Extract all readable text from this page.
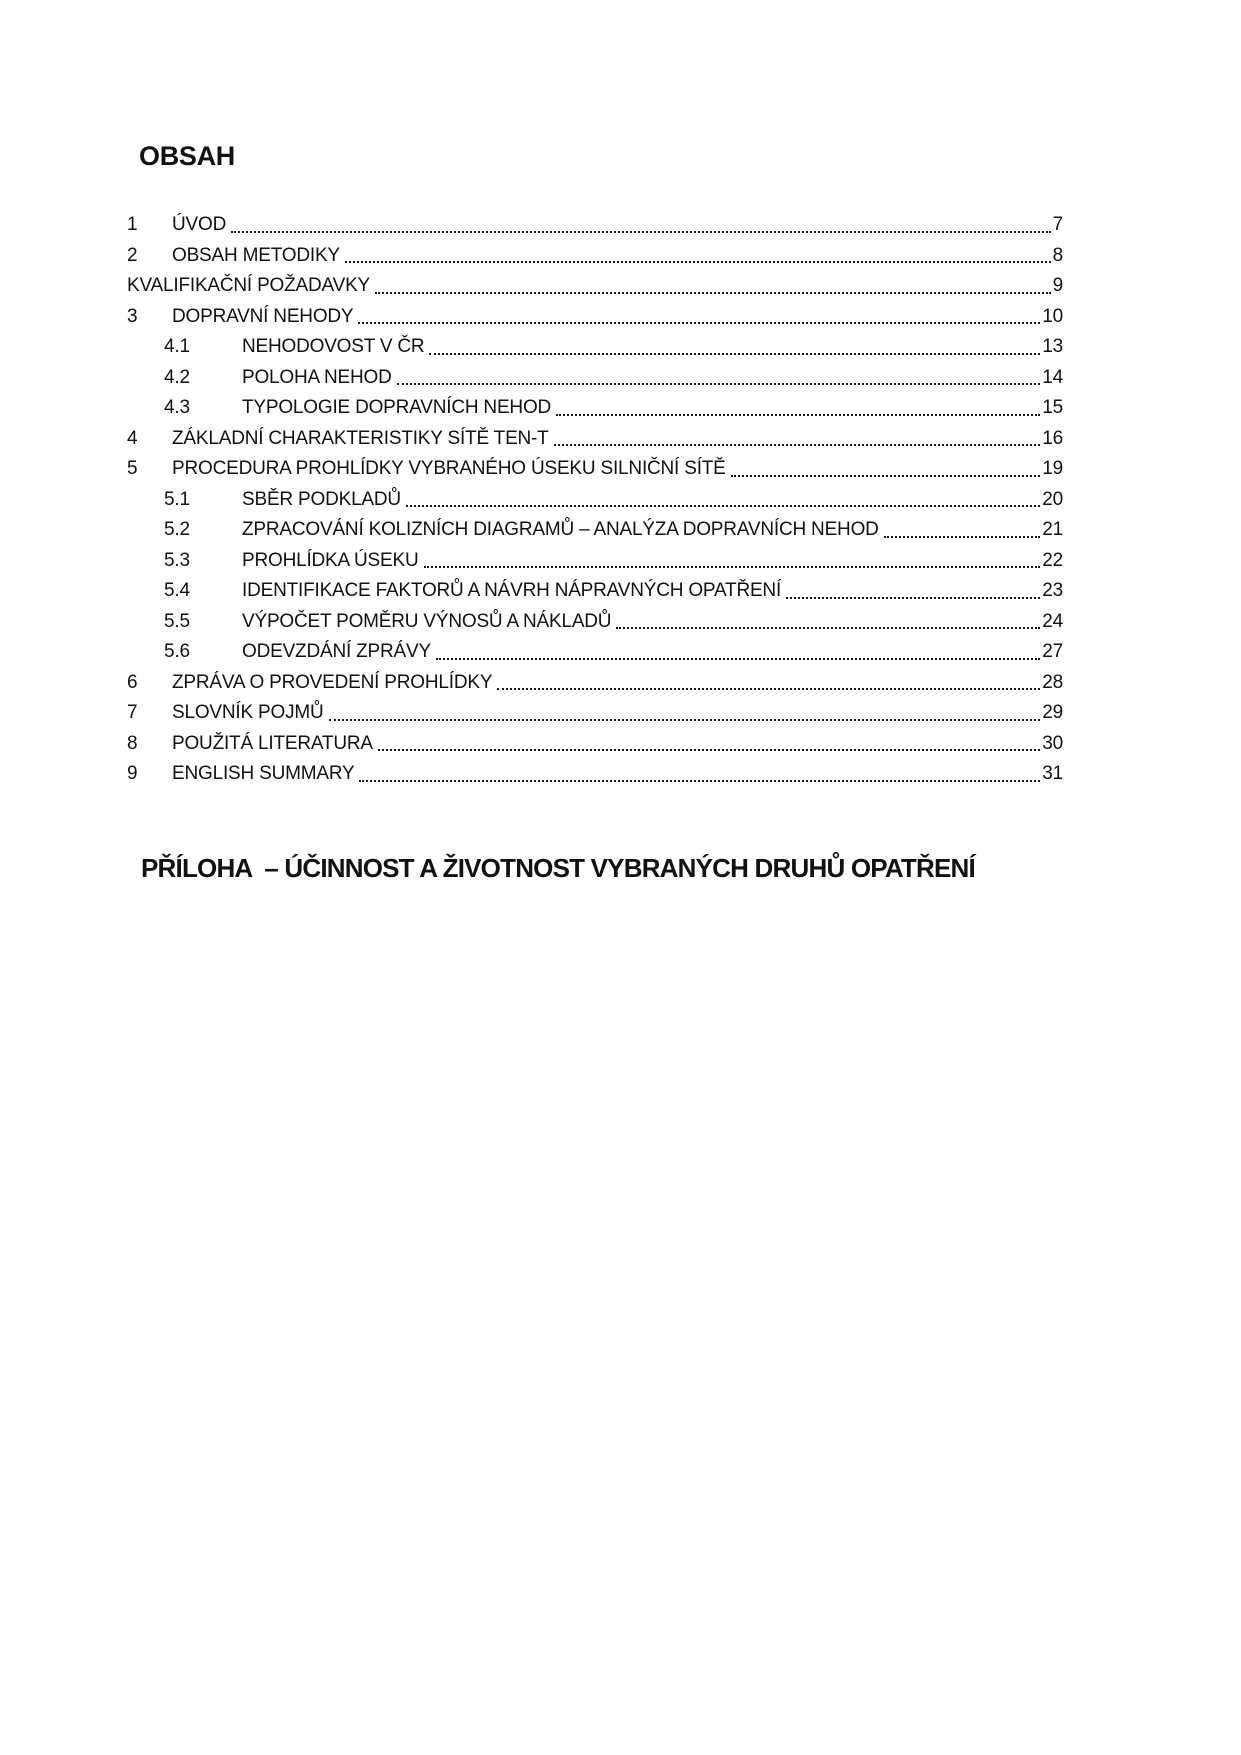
OBSAH
1	ÚVOD	7
2	OBSAH METODIKY	8
KVALIFIKAČNÍ POŽADAVKY	9
3	DOPRAVNÍ NEHODY	10
4.1	NEHODOVOST V ČR	13
4.2	POLOHA NEHOD	14
4.3	TYPOLOGIE DOPRAVNÍCH NEHOD	15
4	ZÁKLADNÍ CHARAKTERISTIKY SÍTĚ TEN-T	16
5	PROCEDURA PROHLÍDKY VYBRANÉHO ÚSEKU SILNIČNÍ SÍTĚ	19
5.1	SBĚR PODKLADŮ	20
5.2	ZPRACOVÁNÍ KOLIZNÍCH DIAGRAMŮ – ANALÝZA DOPRAVNÍCH NEHOD	21
5.3	PROHLÍDKA ÚSEKU	22
5.4	IDENTIFIKACE FAKTORŮ A NÁVRH NÁPRAVNÝCH OPATŘENÍ	23
5.5	VÝPOČET POMĚRU VÝNOSŮ A NÁKLADŮ	24
5.6	ODEVZDÁNÍ ZPRÁVY	27
6	ZPRÁVA O PROVEDENÍ PROHLÍDKY	28
7	SLOVNÍK POJMŮ	29
8	POUŽITÁ LITERATURA	30
9	ENGLISH SUMMARY	31
PŘÍLOHA  – ÚČINNOST A ŽIVOTNOST VYBRANÝCH DRUHŮ OPATŘENÍ
